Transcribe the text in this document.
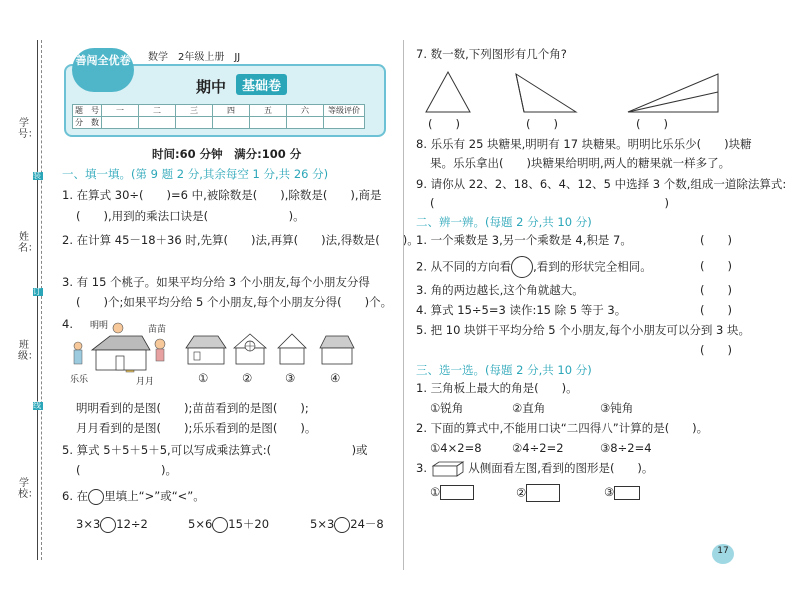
学号：
姓名：
班级：
学校：
装
订
线
善闯全优卷	数学　2年级上册　JJ
期中	基础卷
题　号	一	二	三	四	五	六	等级评价
分　数							
时间:60 分钟　满分:100 分
一、填一填。(第 9 题 2 分,其余每空 1 分,共 26 分)
1. 在算式 30÷(　　)=6 中,被除数是(　　),除数是(　　),商是
(　　),用到的乘法口诀是(　　　　　　　)。
2. 在计算 45－18＋36 时,先算(　　)法,再算(　　)法,得数是(　　)。
3. 有 15 个桃子。如果平均分给 3 个小朋友,每个小朋友分得
(　　)个;如果平均分给 5 个小朋友,每个小朋友分得(　　)个。
4. 明明	苗苗
乐乐	月月	①	②	③	④
明明看到的是图(　　);苗苗看到的是图(　　);
月月看到的是图(　　);乐乐看到的是图(　　)。
5. 算式 5＋5＋5＋5,可以写成乘法算式:(　　　　　　　)或
(　　　　　　　)。
6. 在 里填上“>”或“<”。
3×3 12÷2	5×6 15＋20	5×3 24－8
7. 数一数,下列图形有几个角?
(　　)	(　　)	(　　)
8. 乐乐有 25 块糖果,明明有 17 块糖果。明明比乐乐少(　　)块糖
果。乐乐拿出(　　)块糖果给明明,两人的糖果就一样多了。
9. 请你从 22、2、18、6、4、12、5 中选择 3 个数,组成一道除法算式:
(　　　　　　　　　　　　　　　　　　　　)
二、辨一辨。(每题 2 分,共 10 分)
1. 一个乘数是 3,另一个乘数是 4,积是 7。	(　　)
2. 从不同的方向看 ,看到的形状完全相同。	(　　)
3. 角的两边越长,这个角就越大。	(　　)
4. 算式 15÷5=3 读作:15 除 5 等于 3。	(　　)
5. 把 10 块饼干平均分给 5 个小朋友,每个小朋友可以分到 3 块。
(　　)
三、选一选。(每题 2 分,共 10 分)
1. 三角板上最大的角是(　　)。
①锐角	②直角	③钝角
2. 下面的算式中,不能用口诀“二四得八”计算的是(　　)。
①4×2=8	②4÷2=2	③8÷2=4
3.	从侧面看左图,看到的图形是(　　)。
①	②	③
17
